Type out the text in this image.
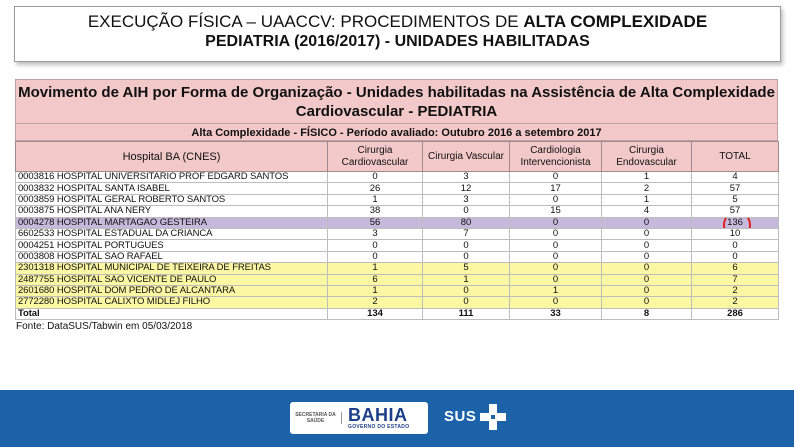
EXECUÇÃO FÍSICA – UAACCV: PROCEDIMENTOS DE ALTA COMPLEXIDADE
PEDIATRIA (2016/2017) - UNIDADES HABILITADAS
Movimento de AIH por Forma de Organização - Unidades habilitadas na Assistência de Alta Complexidade
Cardiovascular - PEDIATRIA
Alta Complexidade - FÍSICO - Período avaliado: Outubro 2016 a setembro 2017
Hospital BA (CNES)	Cirurgia Cardiovascular	Cirurgia Vascular	Cardiologia Intervencionista	Cirurgia Endovascular	TOTAL
0003816 HOSPITAL UNIVERSITARIO PROF EDGARD SANTOS	0	3	0	1	4
0003832 HOSPITAL SANTA ISABEL	26	12	17	2	57
0003859 HOSPITAL GERAL ROBERTO SANTOS	1	3	0	1	5
0003875 HOSPITAL ANA NERY	38	0	15	4	57
0004278 HOSPITAL MARTAGAO GESTEIRA	56	80	0	0	136
6602533 HOSPITAL ESTADUAL DA CRIANCA	3	7	0	0	10
0004251 HOSPITAL PORTUGUES	0	0	0	0	0
0003808 HOSPITAL SAO RAFAEL	0	0	0	0	0
2301318 HOSPITAL MUNICIPAL DE TEIXEIRA DE FREITAS	1	5	0	0	6
2487755 HOSPITAL SAO VICENTE DE PAULO	6	1	0	0	7
2601680 HOSPITAL DOM PEDRO DE ALCANTARA	1	0	1	0	2
2772280 HOSPITAL CALIXTO MIDLEJ FILHO	2	0	0	0	2
Total	134	111	33	8	286
Fonte: DataSUS/Tabwin em 05/03/2018
SECRETARIA DA SAÚDE	BAHIA
GOVERNO DO ESTADO
SUS
